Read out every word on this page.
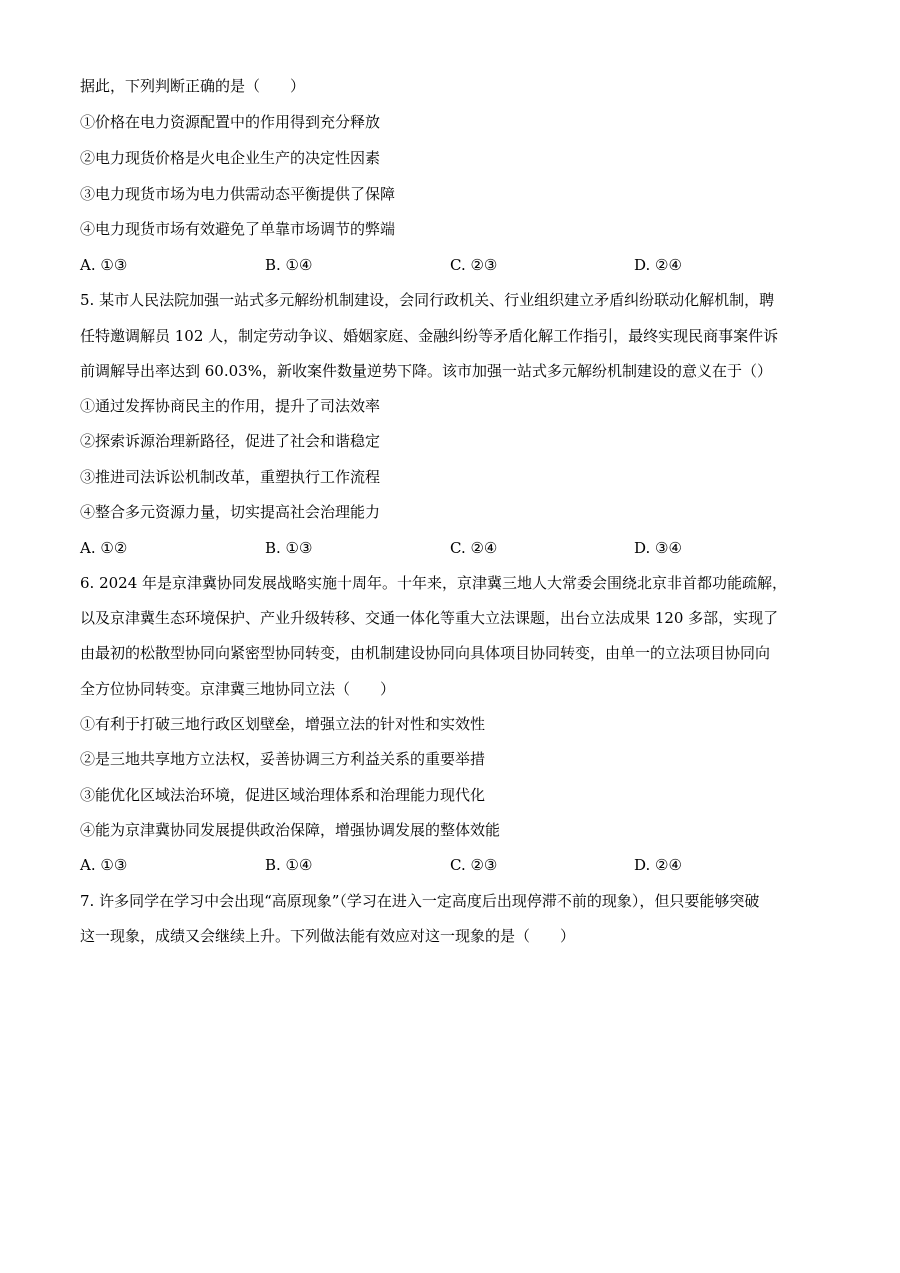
据此，下列判断正确的是（　　）
①价格在电力资源配置中的作用得到充分释放
②电力现货价格是火电企业生产的决定性因素
③电力现货市场为电力供需动态平衡提供了保障
④电力现货市场有效避免了单靠市场调节的弊端
A. ①③	B. ①④	C. ②③	D. ②④
5. 某市人民法院加强一站式多元解纷机制建设，会同行政机关、行业组织建立矛盾纠纷联动化解机制，聘
任特邀调解员 102 人，制定劳动争议、婚姻家庭、金融纠纷等矛盾化解工作指引，最终实现民商事案件诉
前调解导出率达到 60.03%，新收案件数量逆势下降。该市加强一站式多元解纷机制建设的意义在于（）
①通过发挥协商民主的作用，提升了司法效率
②探索诉源治理新路径，促进了社会和谐稳定
③推进司法诉讼机制改革，重塑执行工作流程
④整合多元资源力量，切实提高社会治理能力
A. ①②	B. ①③	C. ②④	D. ③④
6. 2024 年是京津冀协同发展战略实施十周年。十年来，京津冀三地人大常委会围绕北京非首都功能疏解，
以及京津冀生态环境保护、产业升级转移、交通一体化等重大立法课题，出台立法成果 120 多部，实现了
由最初的松散型协同向紧密型协同转变，由机制建设协同向具体项目协同转变，由单一的立法项目协同向
全方位协同转变。京津冀三地协同立法（　　）
①有利于打破三地行政区划壁垒，增强立法的针对性和实效性
②是三地共享地方立法权，妥善协调三方利益关系的重要举措
③能优化区域法治环境，促进区域治理体系和治理能力现代化
④能为京津冀协同发展提供政治保障，增强协调发展的整体效能
A. ①③	B. ①④	C. ②③	D. ②④
7. 许多同学在学习中会出现“高原现象”（学习在进入一定高度后出现停滞不前的现象），但只要能够突破
这一现象，成绩又会继续上升。下列做法能有效应对这一现象的是（　　）
